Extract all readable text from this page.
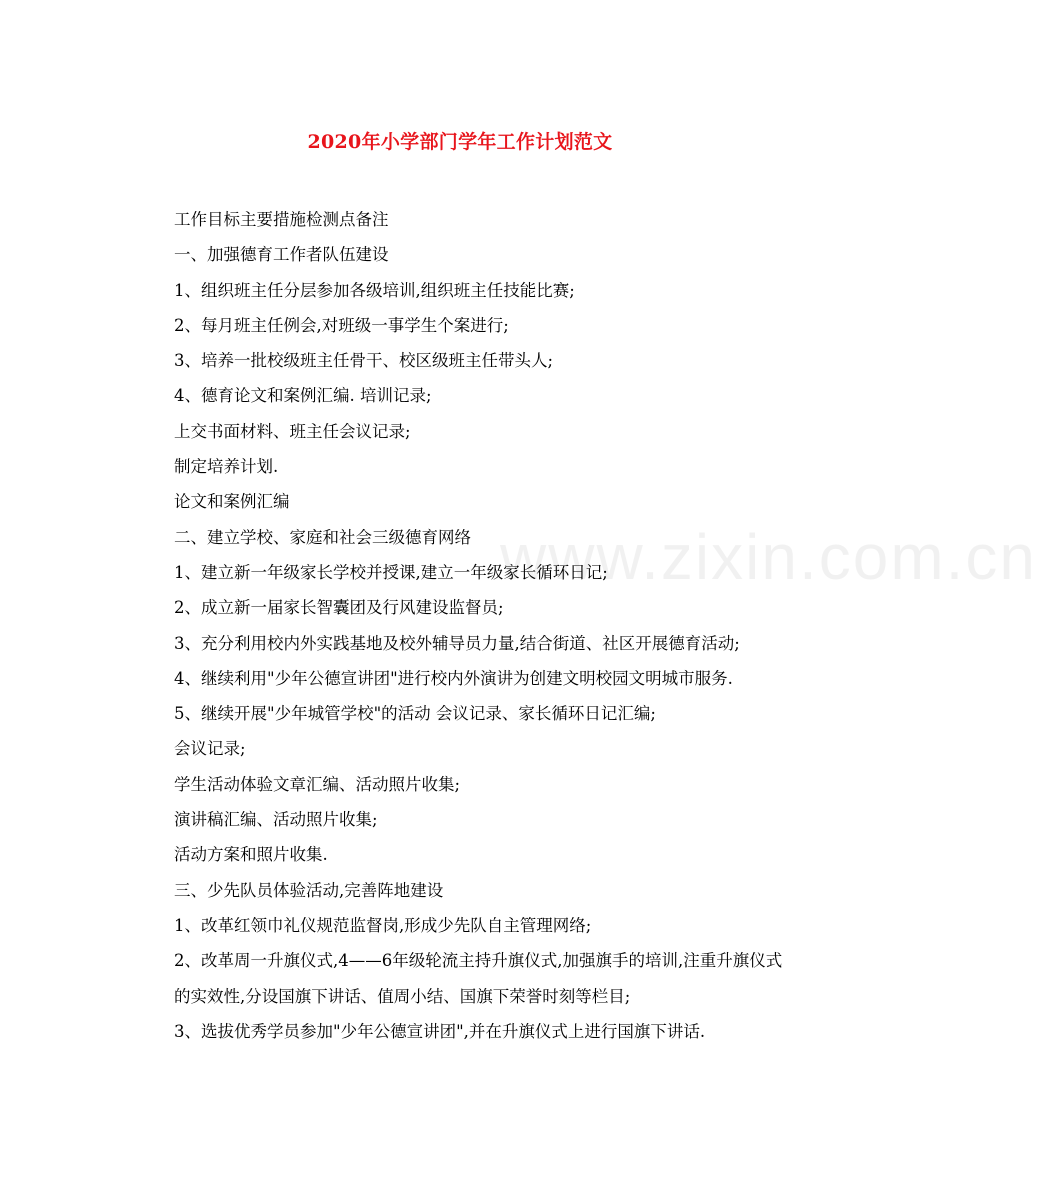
www.zixin.com.cn
2020年小学部门学年工作计划范文
工作目标主要措施检测点备注
一、加强德育工作者队伍建设
1、组织班主任分层参加各级培训,组织班主任技能比赛;
2、每月班主任例会,对班级一事学生个案进行;
3、培养一批校级班主任骨干、校区级班主任带头人;
4、德育论文和案例汇编. 培训记录;
上交书面材料、班主任会议记录;
制定培养计划.
论文和案例汇编
二、建立学校、家庭和社会三级德育网络
1、建立新一年级家长学校并授课,建立一年级家长循环日记;
2、成立新一届家长智囊团及行风建设监督员;
3、充分利用校内外实践基地及校外辅导员力量,结合街道、社区开展德育活动;
4、继续利用"少年公德宣讲团"进行校内外演讲为创建文明校园文明城市服务.
5、继续开展"少年城管学校"的活动 会议记录、家长循环日记汇编;
会议记录;
学生活动体验文章汇编、活动照片收集;
演讲稿汇编、活动照片收集;
活动方案和照片收集.
三、少先队员体验活动,完善阵地建设
1、改革红领巾礼仪规范监督岗,形成少先队自主管理网络;
2、改革周一升旗仪式,4——6年级轮流主持升旗仪式,加强旗手的培训,注重升旗仪式的实效性,分设国旗下讲话、值周小结、国旗下荣誉时刻等栏目;
3、选拔优秀学员参加"少年公德宣讲团",并在升旗仪式上进行国旗下讲话.
